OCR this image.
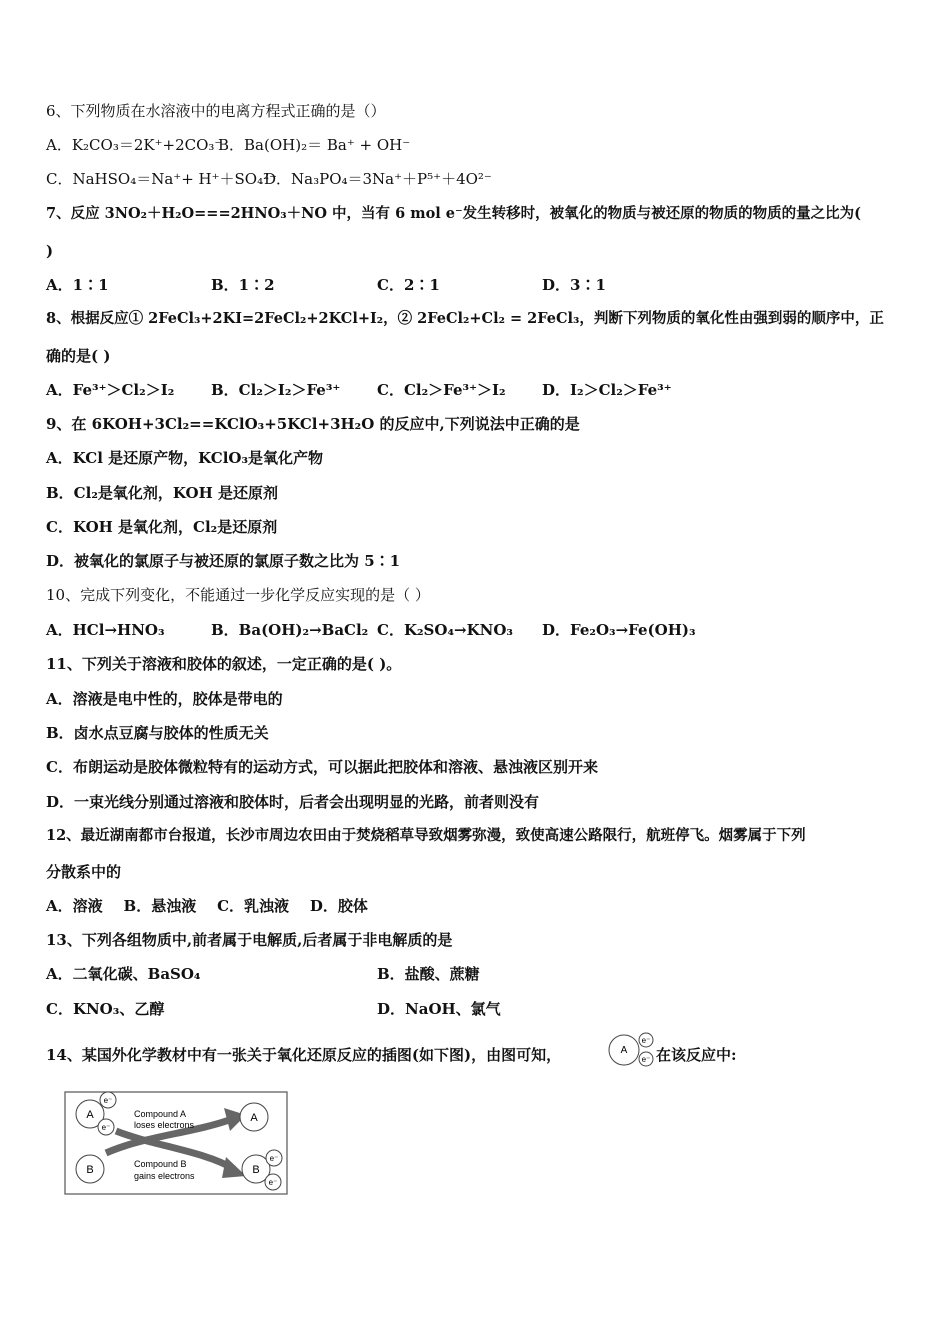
6、下列物质在水溶液中的电离方程式正确的是（）
A．K₂CO₃＝2K⁺+2CO₃⁻
B．Ba(OH)₂＝ Ba⁺ + OH⁻
C．NaHSO₄＝Na⁺+ H⁺＋SO₄²⁻
D．Na₃PO₄＝3Na⁺＋P⁵⁺＋4O²⁻
7、反应 3NO₂＋H₂O===2HNO₃＋NO 中，当有 6 mol e⁻发生转移时，被氧化的物质与被还原的物质的物质的量之比为(
)
A．1∶1	B．1∶2	C．2∶1	D．3∶1
8、根据反应① 2FeCl₃+2KI=2FeCl₂+2KCl+I₂，② 2FeCl₂+Cl₂ = 2FeCl₃，判断下列物质的氧化性由强到弱的顺序中，正
确的是( )
A．Fe³⁺＞Cl₂＞I₂ B．Cl₂＞I₂＞Fe³⁺ C．Cl₂＞Fe³⁺＞I₂ D．I₂＞Cl₂＞Fe³⁺
9、在 6KOH+3Cl₂==KClO₃+5KCl+3H₂O 的反应中,下列说法中正确的是
A．KCl 是还原产物，KClO₃是氧化产物
B．Cl₂是氧化剂，KOH 是还原剂
C．KOH 是氧化剂，Cl₂是还原剂
D．被氧化的氯原子与被还原的氯原子数之比为 5∶1
10、完成下列变化，不能通过一步化学反应实现的是（ ）
A．HCl→HNO₃	B．Ba(OH)₂→BaCl₂ C．K₂SO₄→KNO₃ D．Fe₂O₃→Fe(OH)₃
11、下列关于溶液和胶体的叙述，一定正确的是( )。
A．溶液是电中性的，胶体是带电的
B．卤水点豆腐与胶体的性质无关
C．布朗运动是胶体微粒特有的运动方式，可以据此把胶体和溶液、悬浊液区别开来
D．一束光线分别通过溶液和胶体时，后者会出现明显的光路，前者则没有
12、最近湖南都市台报道，长沙市周边农田由于焚烧稻草导致烟雾弥漫，致使高速公路限行，航班停飞。烟雾属于下列
分散系中的
A．溶液    B．悬浊液    C．乳浊液    D．胶体
13、下列各组物质中,前者属于电解质,后者属于非电解质的是
A．二氧化碳、BaSO₄	B．盐酸、蔗糖
C．KNO₃、乙醇	D．NaOH、氯气
14、某国外化学教材中有一张关于氧化还原反应的插图(如下图)，由图可知，	A
e⁻
e⁻ 在该反应中:
A
e⁻
e⁻
Compound A
loses electrons
Compound B
gains electrons
A
B	B
e⁻
e⁻
